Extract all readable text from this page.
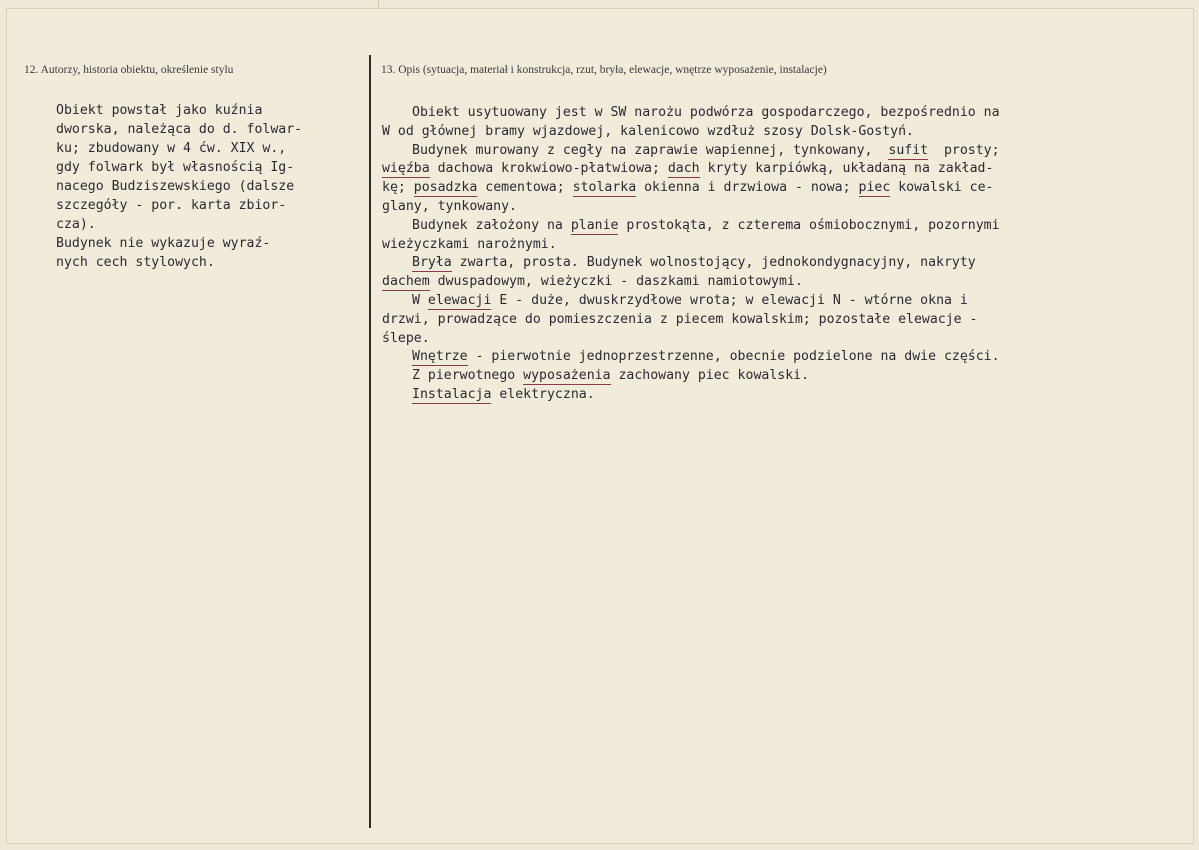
12. Autorzy, historia obiektu, określenie stylu	13. Opis (sytuacja, materiał i konstrukcja, rzut, bryła, elewacje, wnętrze wyposażenie, instalacje)
Obiekt powstał jako kuźnia
dworska, należąca do d. folwar-
ku; zbudowany w 4 ćw. XIX w.,
gdy folwark był własnością Ig-
nacego Budziszewskiego (dalsze
szczegóły - por. karta zbior-
cza).
Budynek nie wykazuje wyraź-
nych cech stylowych.
Obiekt usytuowany jest w SW narożu podwórza gospodarczego, bezpośrednio na
W od głównej bramy wjazdowej, kalenicowo wzdłuż szosy Dolsk-Gostyń.
Budynek murowany z cegły na zaprawie wapiennej, tynkowany, sufit prosty;
więźba dachowa krokwiowo-płatwiowa; dach kryty karpiówką, układaną na zakład-
kę; posadzka cementowa; stolarka okienna i drzwiowa - nowa; piec kowalski ce-
glany, tynkowany.
Budynek założony na planie prostokąta, z czterema ośmiobocznymi, pozornymi
wieżyczkami narożnymi.
Bryła zwarta, prosta. Budynek wolnostojący, jednokondygnacyjny, nakryty
dachem dwuspadowym, wieżyczki - daszkami namiotowymi.
W elewacji E - duże, dwuskrzydłowe wrota; w elewacji N - wtórne okna i
drzwi, prowadzące do pomieszczenia z piecem kowalskim; pozostałe elewacje -
ślepe.
Wnętrze - pierwotnie jednoprzestrzenne, obecnie podzielone na dwie części.
Z pierwotnego wyposażenia zachowany piec kowalski.
Instalacja elektryczna.
